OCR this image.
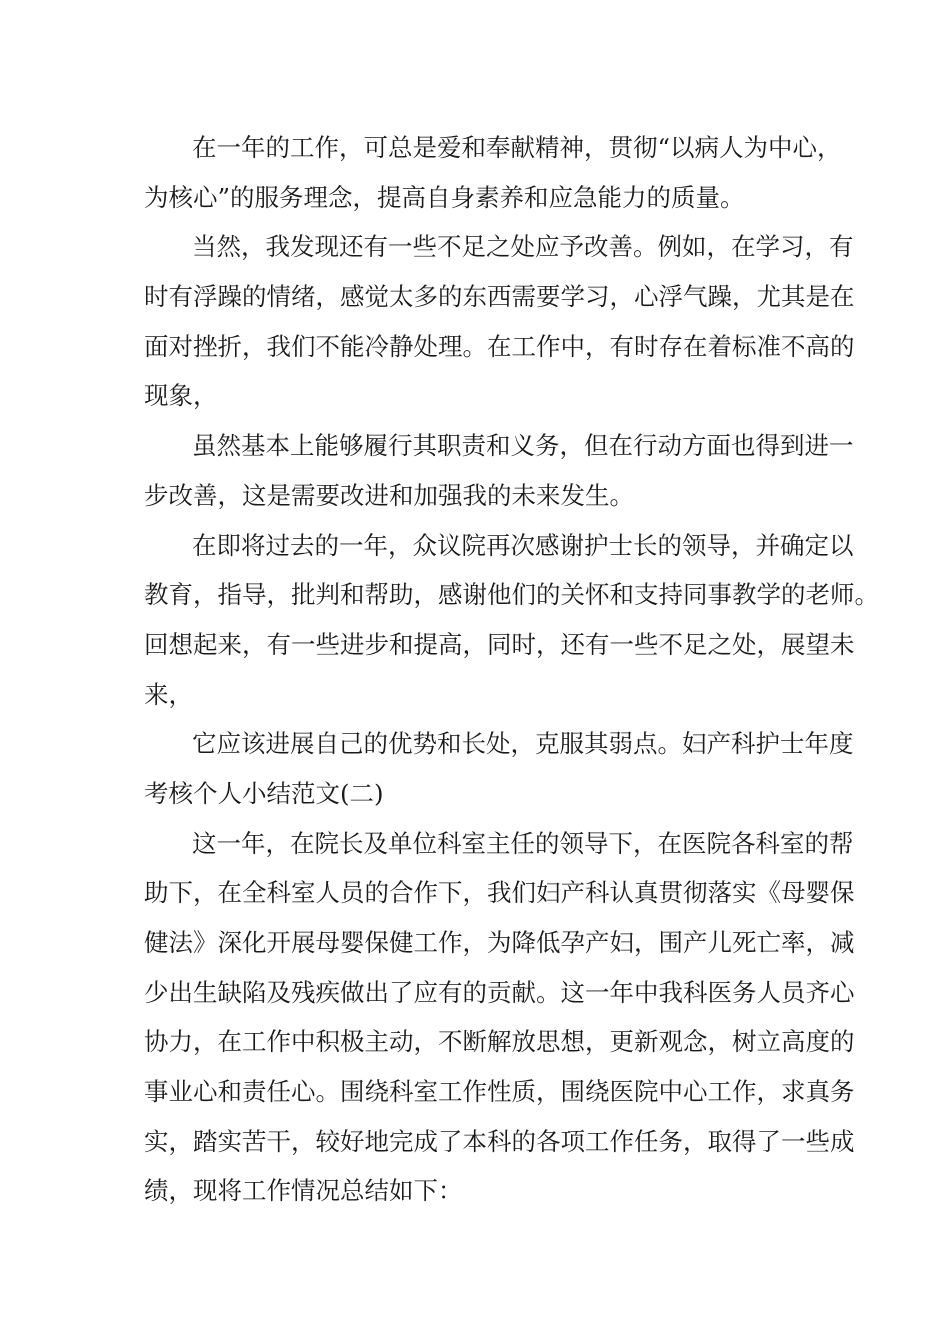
在一年的工作，可总是爱和奉献精神，贯彻“以病人为中心，
为核心”的服务理念，提高自身素养和应急能力的质量。
当然，我发现还有一些不足之处应予改善。例如，在学习，有
时有浮躁的情绪，感觉太多的东西需要学习，心浮气躁，尤其是在
面对挫折，我们不能冷静处理。在工作中，有时存在着标准不高的
现象，
虽然基本上能够履行其职责和义务，但在行动方面也得到进一
步改善，这是需要改进和加强我的未来发生。
在即将过去的一年，众议院再次感谢护士长的领导，并确定以
教育，指导，批判和帮助，感谢他们的关怀和支持同事教学的老师。
回想起来，有一些进步和提高，同时，还有一些不足之处，展望未
来，
它应该进展自己的优势和长处，克服其弱点。妇产科护士年度
考核个人小结范文(二)
这一年，在院长及单位科室主任的领导下，在医院各科室的帮
助下，在全科室人员的合作下，我们妇产科认真贯彻落实《母婴保
健法》深化开展母婴保健工作，为降低孕产妇，围产儿死亡率，减
少出生缺陷及残疾做出了应有的贡献。这一年中我科医务人员齐心
协力，在工作中积极主动，不断解放思想，更新观念，树立高度的
事业心和责任心。围绕科室工作性质，围绕医院中心工作，求真务
实，踏实苦干，较好地完成了本科的各项工作任务，取得了一些成
绩，现将工作情况总结如下：
